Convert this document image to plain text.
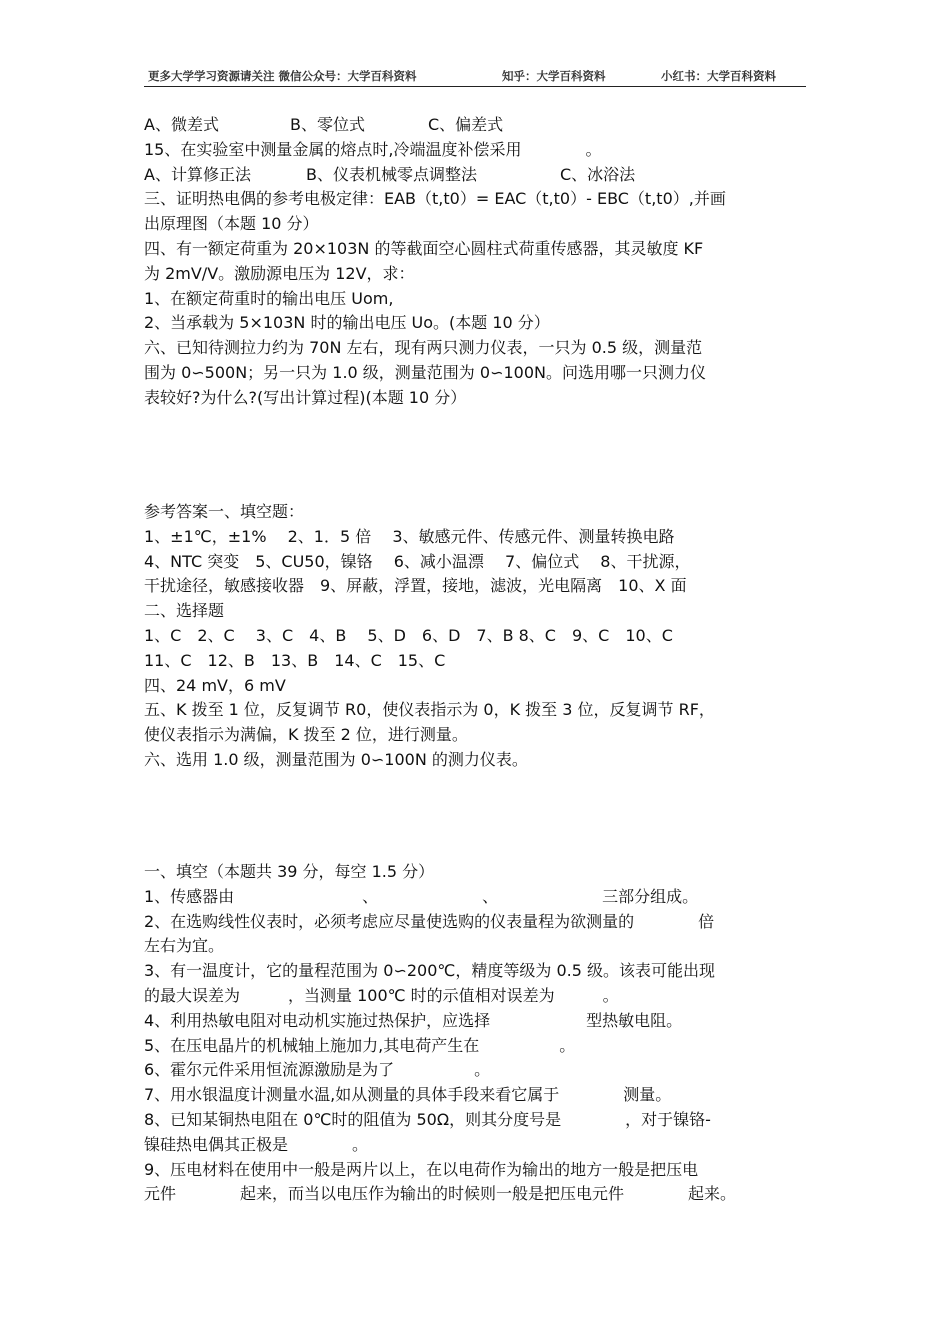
更多大学学习资源请关注 微信公众号：大学百科资料	知乎：大学百科资料	小红书：大学百科资料
A、微差式	B、零位式	C、偏差式
15、在实验室中测量金属的熔点时,冷端温度补偿采用　　　　。
A、计算修正法	B、仪表机械零点调整法	C、冰浴法
三、证明热电偶的参考电极定律：EAB（t,t0）= EAC（t,t0）- EBC（t,t0）,并画
出原理图（本题 10 分）
四、有一额定荷重为 20×103N 的等截面空心圆柱式荷重传感器，其灵敏度 KF
为 2mV/V。激励源电压为 12V，求：
1、在额定荷重时的输出电压 Uom,
2、当承载为 5×103N 时的输出电压 Uo。(本题 10 分）
六、已知待测拉力约为 70N 左右，现有两只测力仪表，一只为 0.5 级，测量范
围为 0∽500N；另一只为 1.0 级，测量范围为 0∽100N。问选用哪一只测力仪
表较好?为什么?(写出计算过程)(本题 10 分）
参考答案一、填空题：
1、±1℃，±1%　 2、1．5 倍　 3、敏感元件、传感元件、测量转换电路
4、NTC 突变　5、CU50，镍铬　 6、减小温漂　 7、偏位式　 8、干扰源，
干扰途径，敏感接收器　9、屏蔽，浮置，接地，滤波，光电隔离　10、X 面
二、选择题
1、C　2、C　 3、C　4、B　 5、D　6、D　7、B 8、C　9、C　10、C
11、C　12、B　13、B　14、C　15、C
四、24 mV，6 mV
五、K 拨至 1 位，反复调节 R0，使仪表指示为 0，K 拨至 3 位，反复调节 RF，
使仪表指示为满偏，K 拨至 2 位，进行测量。
六、选用 1.0 级，测量范围为 0∽100N 的测力仪表。
一、填空（本题共 39 分，每空 1.5 分）
1、传感器由　　　　　　　　、　　　　　　　、　　　　　　　三部分组成。
2、在选购线性仪表时，必须考虑应尽量使选购的仪表量程为欲测量的　　　　倍
左右为宜。
3、有一温度计，它的量程范围为 0∽200℃，精度等级为 0.5 级。该表可能出现
的最大误差为　　　，当测量 100℃ 时的示值相对误差为　　　。
4、利用热敏电阻对电动机实施过热保护，应选择　　　　　　型热敏电阻。
5、在压电晶片的机械轴上施加力,其电荷产生在　　　　　。
6、霍尔元件采用恒流源激励是为了　　　　　。
7、用水银温度计测量水温,如从测量的具体手段来看它属于　　　　测量。
8、已知某铜热电阻在 0℃时的阻值为 50Ω，则其分度号是　　　　，对于镍铬-
镍硅热电偶其正极是　　　　。
9、压电材料在使用中一般是两片以上，在以电荷作为输出的地方一般是把压电
元件　　　　起来，而当以电压作为输出的时候则一般是把压电元件　　　　起来。
